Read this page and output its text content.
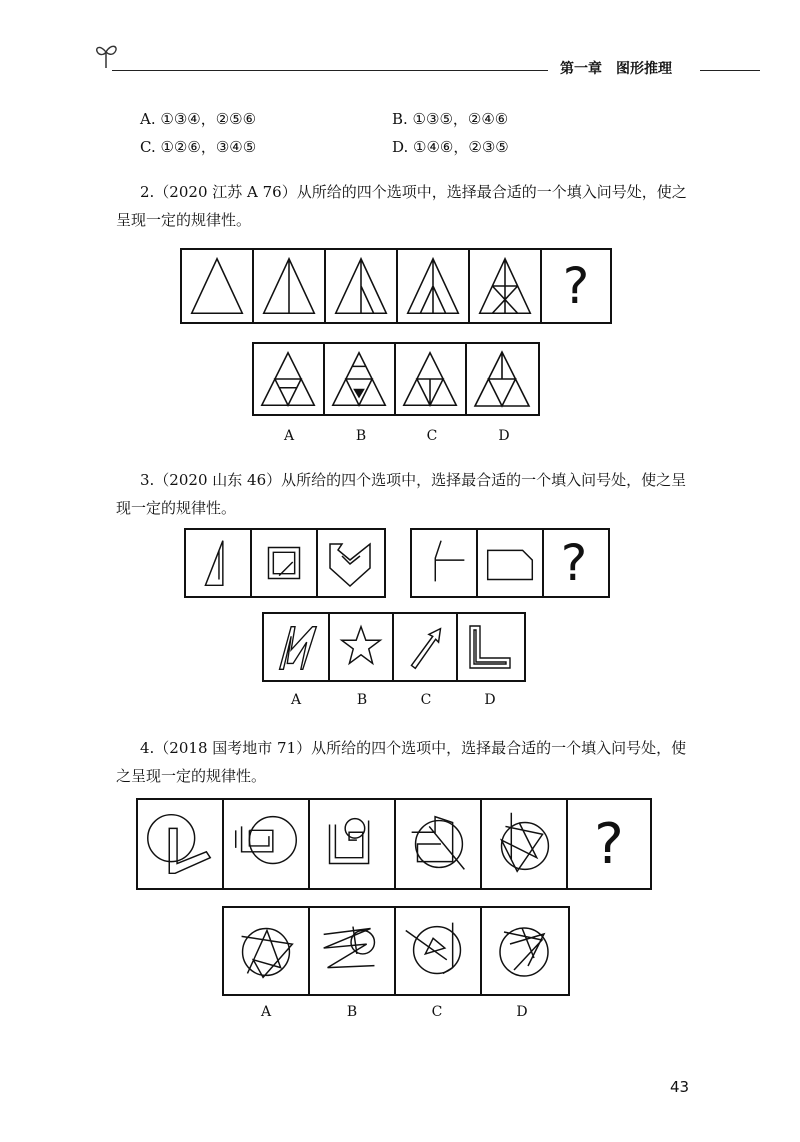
第一章　图形推理
A. ①③④，②⑤⑥	B. ①③⑤，②④⑥
C. ①②⑥，③④⑤	D. ①④⑥，②③⑤
2.（2020 江苏 A 76）从所给的四个选项中，选择最合适的一个填入问号处，使之呈现一定的规律性。
?
A	B	C	D
3.（2020 山东 46）从所给的四个选项中，选择最合适的一个填入问号处，使之呈现一定的规律性。
?
A	B	C	D
4.（2018 国考地市 71）从所给的四个选项中，选择最合适的一个填入问号处，使之呈现一定的规律性。
?
A	B	C	D
43
